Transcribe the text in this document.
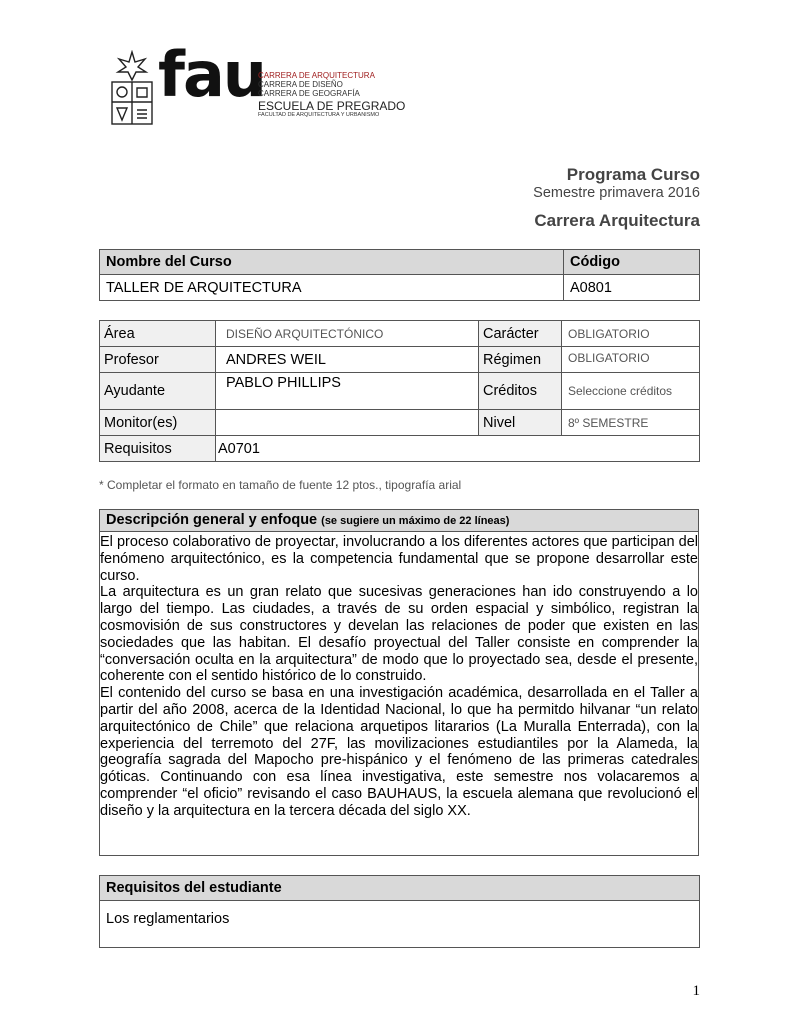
fau
CARRERA DE ARQUITECTURA
CARRERA DE DISEÑO
CARRERA DE GEOGRAFÍA
ESCUELA DE PREGRADO
FACULTAD DE ARQUITECTURA Y URBANISMO
Programa Curso
Semestre primavera 2016
Carrera Arquitectura
Nombre del Curso	Código
TALLER DE ARQUITECTURA	A0801
Área	DISEÑO ARQUITECTÓNICO	Carácter	OBLIGATORIO
Profesor	ANDRES WEIL	Régimen	OBLIGATORIO
Ayudante	PABLO PHILLIPS	Créditos	Seleccione créditos
Monitor(es)		Nivel	8º SEMESTRE
Requisitos	A0701		
* Completar el formato en tamaño de fuente 12 ptos., tipografía arial
Descripción general y enfoque (se sugiere un máximo de 22 líneas)

El proceso colaborativo de proyectar, involucrando a los diferentes actores que participan del fenómeno arquitectónico, es la competencia fundamental que se propone desarrollar este curso.

La arquitectura es un gran relato que sucesivas generaciones han ido construyendo a lo largo del tiempo. Las ciudades, a través de su orden espacial y simbólico, registran la cosmovisión de sus constructores y develan las relaciones de poder que existen en las sociedades que las habitan. El desafío proyectual del Taller consiste en comprender la “conversación oculta en la arquitectura” de modo que lo proyectado sea, desde el presente, coherente con el sentido histórico de lo construido.

El contenido del curso se basa en una investigación académica, desarrollada en el Taller a partir del año 2008, acerca de la Identidad Nacional, lo que ha permitdo hilvanar “un relato arquitectónico de Chile” que relaciona arquetipos litararios (La Muralla Enterrada), con la experiencia del terremoto del 27F, las movilizaciones estudiantiles por la Alameda, la geografía sagrada del Mapocho pre-hispánico y el fenómeno de las primeras catedrales góticas. Continuando con esa línea investigativa, este semestre nos volacaremos a comprender “el oficio” revisando el caso BAUHAUS, la escuela alemana que revolucionó el diseño y la arquitectura en la tercera década del siglo XX.

Requisitos del estudiante
Los reglamentarios
1
